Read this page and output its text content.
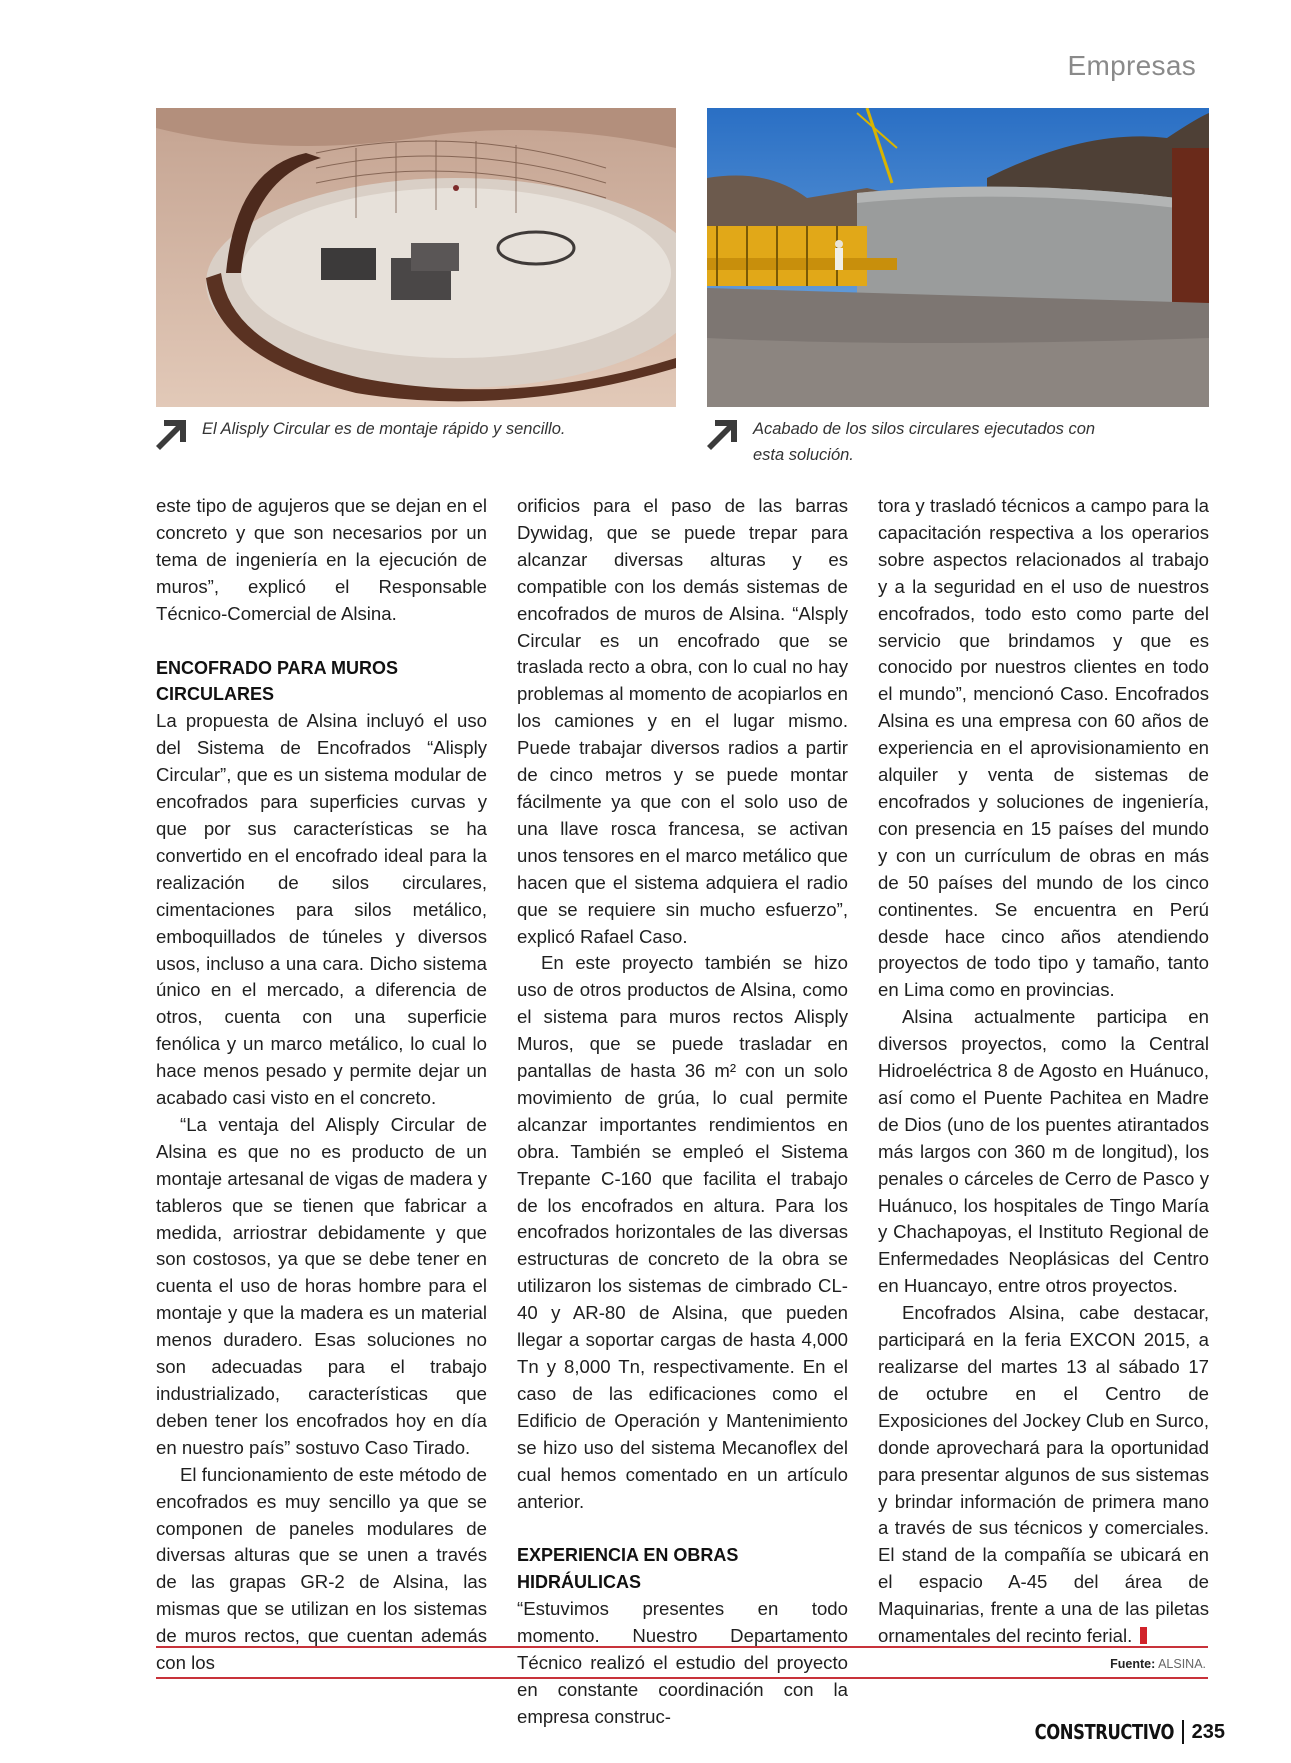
Empresas
El Alisply Circular es de montaje rápido y sencillo.	Acabado de los silos circulares ejecutados con esta solución.

este tipo de agujeros que se dejan en el concreto y que son necesarios por un tema de ingeniería en la ejecución de muros”, explicó el Responsable Técnico-Comercial de Alsina.

ENCOFRADO PARA MUROS CIRCULARES

La propuesta de Alsina incluyó el uso del Sistema de Encofrados “Alisply Circular”, que es un sistema modular de encofrados para superficies curvas y que por sus características se ha convertido en el encofrado ideal para la realización de silos circulares, cimentaciones para silos metálico, emboquillados de túneles y diversos usos, incluso a una cara. Dicho sistema único en el mercado, a diferencia de otros, cuenta con una superficie fenólica y un marco metálico, lo cual lo hace menos pesado y permite dejar un acabado casi visto en el concreto.

“La ventaja del Alisply Circular de Alsina es que no es producto de un montaje artesanal de vigas de madera y tableros que se tienen que fabricar a medida, arriostrar debidamente y que son costosos, ya que se debe tener en cuenta el uso de horas hombre para el montaje y que la madera es un material menos duradero. Esas soluciones no son adecuadas para el trabajo industrializado, características que deben tener los encofrados hoy en día en nuestro país” sostuvo Caso Tirado.

El funcionamiento de este método de encofrados es muy sencillo ya que se componen de paneles modulares de diversas alturas que se unen a través de las grapas GR-2 de Alsina, las mismas que se utilizan en los sistemas de muros rectos, que cuentan además con los

orificios para el paso de las barras Dywidag, que se puede trepar para alcanzar diversas alturas y es compatible con los demás sistemas de encofrados de muros de Alsina. “Alsply Circular es un encofrado que se traslada recto a obra, con lo cual no hay problemas al momento de acopiarlos en los camiones y en el lugar mismo. Puede trabajar diversos radios a partir de cinco metros y se puede montar fácilmente ya que con el solo uso de una llave rosca francesa, se activan unos tensores en el marco metálico que hacen que el sistema adquiera el radio que se requiere sin mucho esfuerzo”, explicó Rafael Caso.

En este proyecto también se hizo uso de otros productos de Alsina, como el sistema para muros rectos Alisply Muros, que se puede trasladar en pantallas de hasta 36 m² con un solo movimiento de grúa, lo cual permite alcanzar importantes rendimientos en obra. También se empleó el Sistema Trepante C-160 que facilita el trabajo de los encofrados en altura. Para los encofrados horizontales de las diversas estructuras de concreto de la obra se utilizaron los sistemas de cimbrado CL-40 y AR-80 de Alsina, que pueden llegar a soportar cargas de hasta 4,000 Tn y 8,000 Tn, respectivamente. En el caso de las edificaciones como el Edificio de Operación y Mantenimiento se hizo uso del sistema Mecanoflex del cual hemos comentado en un artículo anterior.

EXPERIENCIA EN OBRAS HIDRÁULICAS

“Estuvimos presentes en todo momento. Nuestro Departamento Técnico realizó el estudio del proyecto en constante coordinación con la empresa construc-

tora y trasladó técnicos a campo para la capacitación respectiva a los operarios sobre aspectos relacionados al trabajo y a la seguridad en el uso de nuestros encofrados, todo esto como parte del servicio que brindamos y que es conocido por nuestros clientes en todo el mundo”, mencionó Caso. Encofrados Alsina es una empresa con 60 años de experiencia en el aprovisionamiento en alquiler y venta de sistemas de encofrados y soluciones de ingeniería, con presencia en 15 países del mundo y con un currículum de obras en más de 50 países del mundo de los cinco continentes. Se encuentra en Perú desde hace cinco años atendiendo proyectos de todo tipo y tamaño, tanto en Lima como en provincias.

Alsina actualmente participa en diversos proyectos, como la Central Hidroeléctrica 8 de Agosto en Huánuco, así como el Puente Pachitea en Madre de Dios (uno de los puentes atirantados más largos con 360 m de longitud), los penales o cárceles de Cerro de Pasco y Huánuco, los hospitales de Tingo María y Chachapoyas, el Instituto Regional de Enfermedades Neoplásicas del Centro en Huancayo, entre otros proyectos.

Encofrados Alsina, cabe destacar, participará en la feria EXCON 2015, a realizarse del martes 13 al sábado 17 de octubre en el Centro de Exposiciones del Jockey Club en Surco, donde aprovechará para la oportunidad para presentar algunos de sus sistemas y brindar información de primera mano a través de sus técnicos y comerciales. El stand de la compañía se ubicará en el espacio A-45 del área de Maquinarias, frente a una de las piletas ornamentales del recinto ferial.

Fuente: ALSINA.
CONSTRUCTIVO 235
